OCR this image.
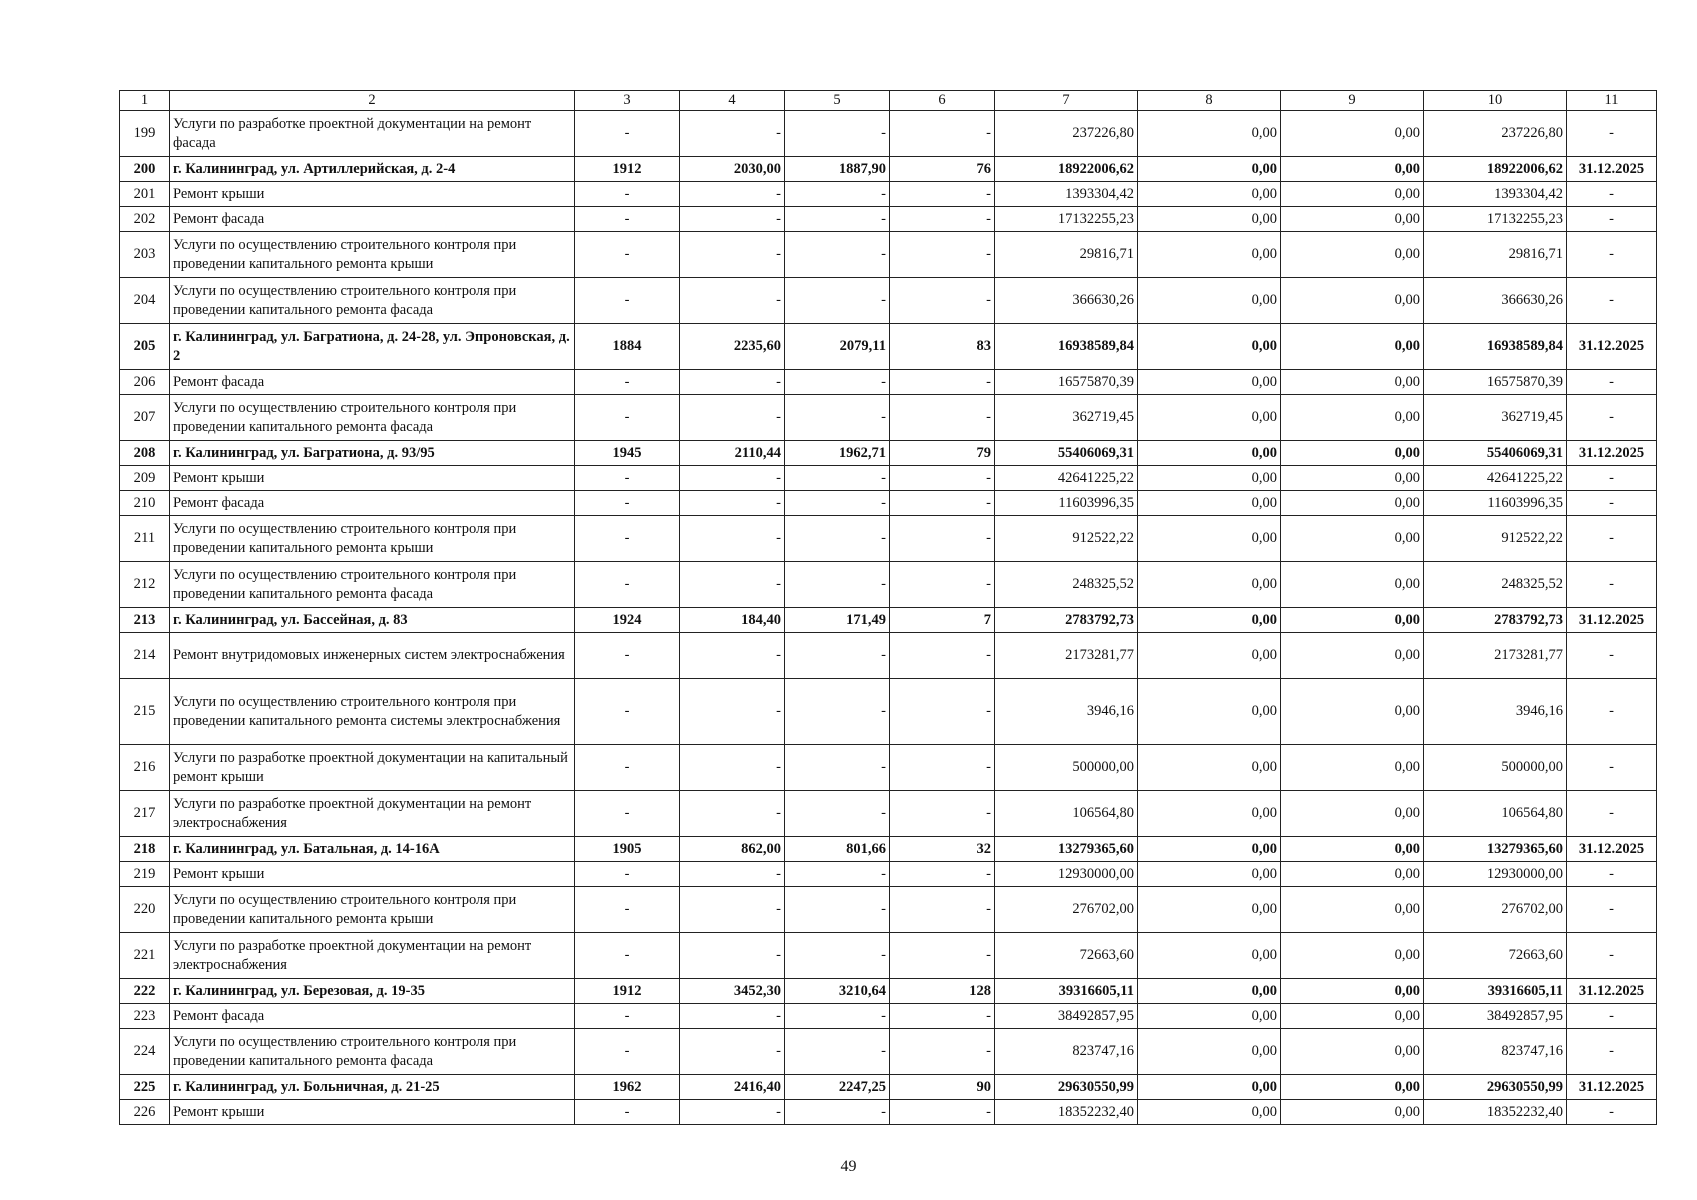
1	2	3	4	5	6	7	8	9	10	11
199	Услуги по разработке проектной документации на ремонт фасада	-	-	-	-	237226,80	0,00	0,00	237226,80	-
200	г. Калининград, ул. Артиллерийская, д. 2-4	1912	2030,00	1887,90	76	18922006,62	0,00	0,00	18922006,62	31.12.2025
201	Ремонт крыши	-	-	-	-	1393304,42	0,00	0,00	1393304,42	-
202	Ремонт фасада	-	-	-	-	17132255,23	0,00	0,00	17132255,23	-
203	Услуги по осуществлению строительного контроля при проведении капитального ремонта крыши	-	-	-	-	29816,71	0,00	0,00	29816,71	-
204	Услуги по осуществлению строительного контроля при проведении капитального ремонта фасада	-	-	-	-	366630,26	0,00	0,00	366630,26	-
205	г. Калининград, ул. Багратиона, д. 24-28, ул. Эпроновская, д. 2	1884	2235,60	2079,11	83	16938589,84	0,00	0,00	16938589,84	31.12.2025
206	Ремонт фасада	-	-	-	-	16575870,39	0,00	0,00	16575870,39	-
207	Услуги по осуществлению строительного контроля при проведении капитального ремонта фасада	-	-	-	-	362719,45	0,00	0,00	362719,45	-
208	г. Калининград, ул. Багратиона, д. 93/95	1945	2110,44	1962,71	79	55406069,31	0,00	0,00	55406069,31	31.12.2025
209	Ремонт крыши	-	-	-	-	42641225,22	0,00	0,00	42641225,22	-
210	Ремонт фасада	-	-	-	-	11603996,35	0,00	0,00	11603996,35	-
211	Услуги по осуществлению строительного контроля при проведении капитального ремонта крыши	-	-	-	-	912522,22	0,00	0,00	912522,22	-
212	Услуги по осуществлению строительного контроля при проведении капитального ремонта фасада	-	-	-	-	248325,52	0,00	0,00	248325,52	-
213	г. Калининград, ул. Бассейная, д. 83	1924	184,40	171,49	7	2783792,73	0,00	0,00	2783792,73	31.12.2025
214	Ремонт внутридомовых инженерных систем электроснабжения	-	-	-	-	2173281,77	0,00	0,00	2173281,77	-
215	Услуги по осуществлению строительного контроля при проведении капитального ремонта системы электроснабжения	-	-	-	-	3946,16	0,00	0,00	3946,16	-
216	Услуги по разработке проектной документации на капитальный ремонт крыши	-	-	-	-	500000,00	0,00	0,00	500000,00	-
217	Услуги по разработке проектной документации на ремонт электроснабжения	-	-	-	-	106564,80	0,00	0,00	106564,80	-
218	г. Калининград, ул. Батальная, д. 14-16А	1905	862,00	801,66	32	13279365,60	0,00	0,00	13279365,60	31.12.2025
219	Ремонт крыши	-	-	-	-	12930000,00	0,00	0,00	12930000,00	-
220	Услуги по осуществлению строительного контроля при проведении капитального ремонта крыши	-	-	-	-	276702,00	0,00	0,00	276702,00	-
221	Услуги по разработке проектной документации на ремонт электроснабжения	-	-	-	-	72663,60	0,00	0,00	72663,60	-
222	г. Калининград, ул. Березовая, д. 19-35	1912	3452,30	3210,64	128	39316605,11	0,00	0,00	39316605,11	31.12.2025
223	Ремонт фасада	-	-	-	-	38492857,95	0,00	0,00	38492857,95	-
224	Услуги по осуществлению строительного контроля при проведении капитального ремонта фасада	-	-	-	-	823747,16	0,00	0,00	823747,16	-
225	г. Калининград, ул. Больничная, д. 21-25	1962	2416,40	2247,25	90	29630550,99	0,00	0,00	29630550,99	31.12.2025
226	Ремонт крыши	-	-	-	-	18352232,40	0,00	0,00	18352232,40	-
49
